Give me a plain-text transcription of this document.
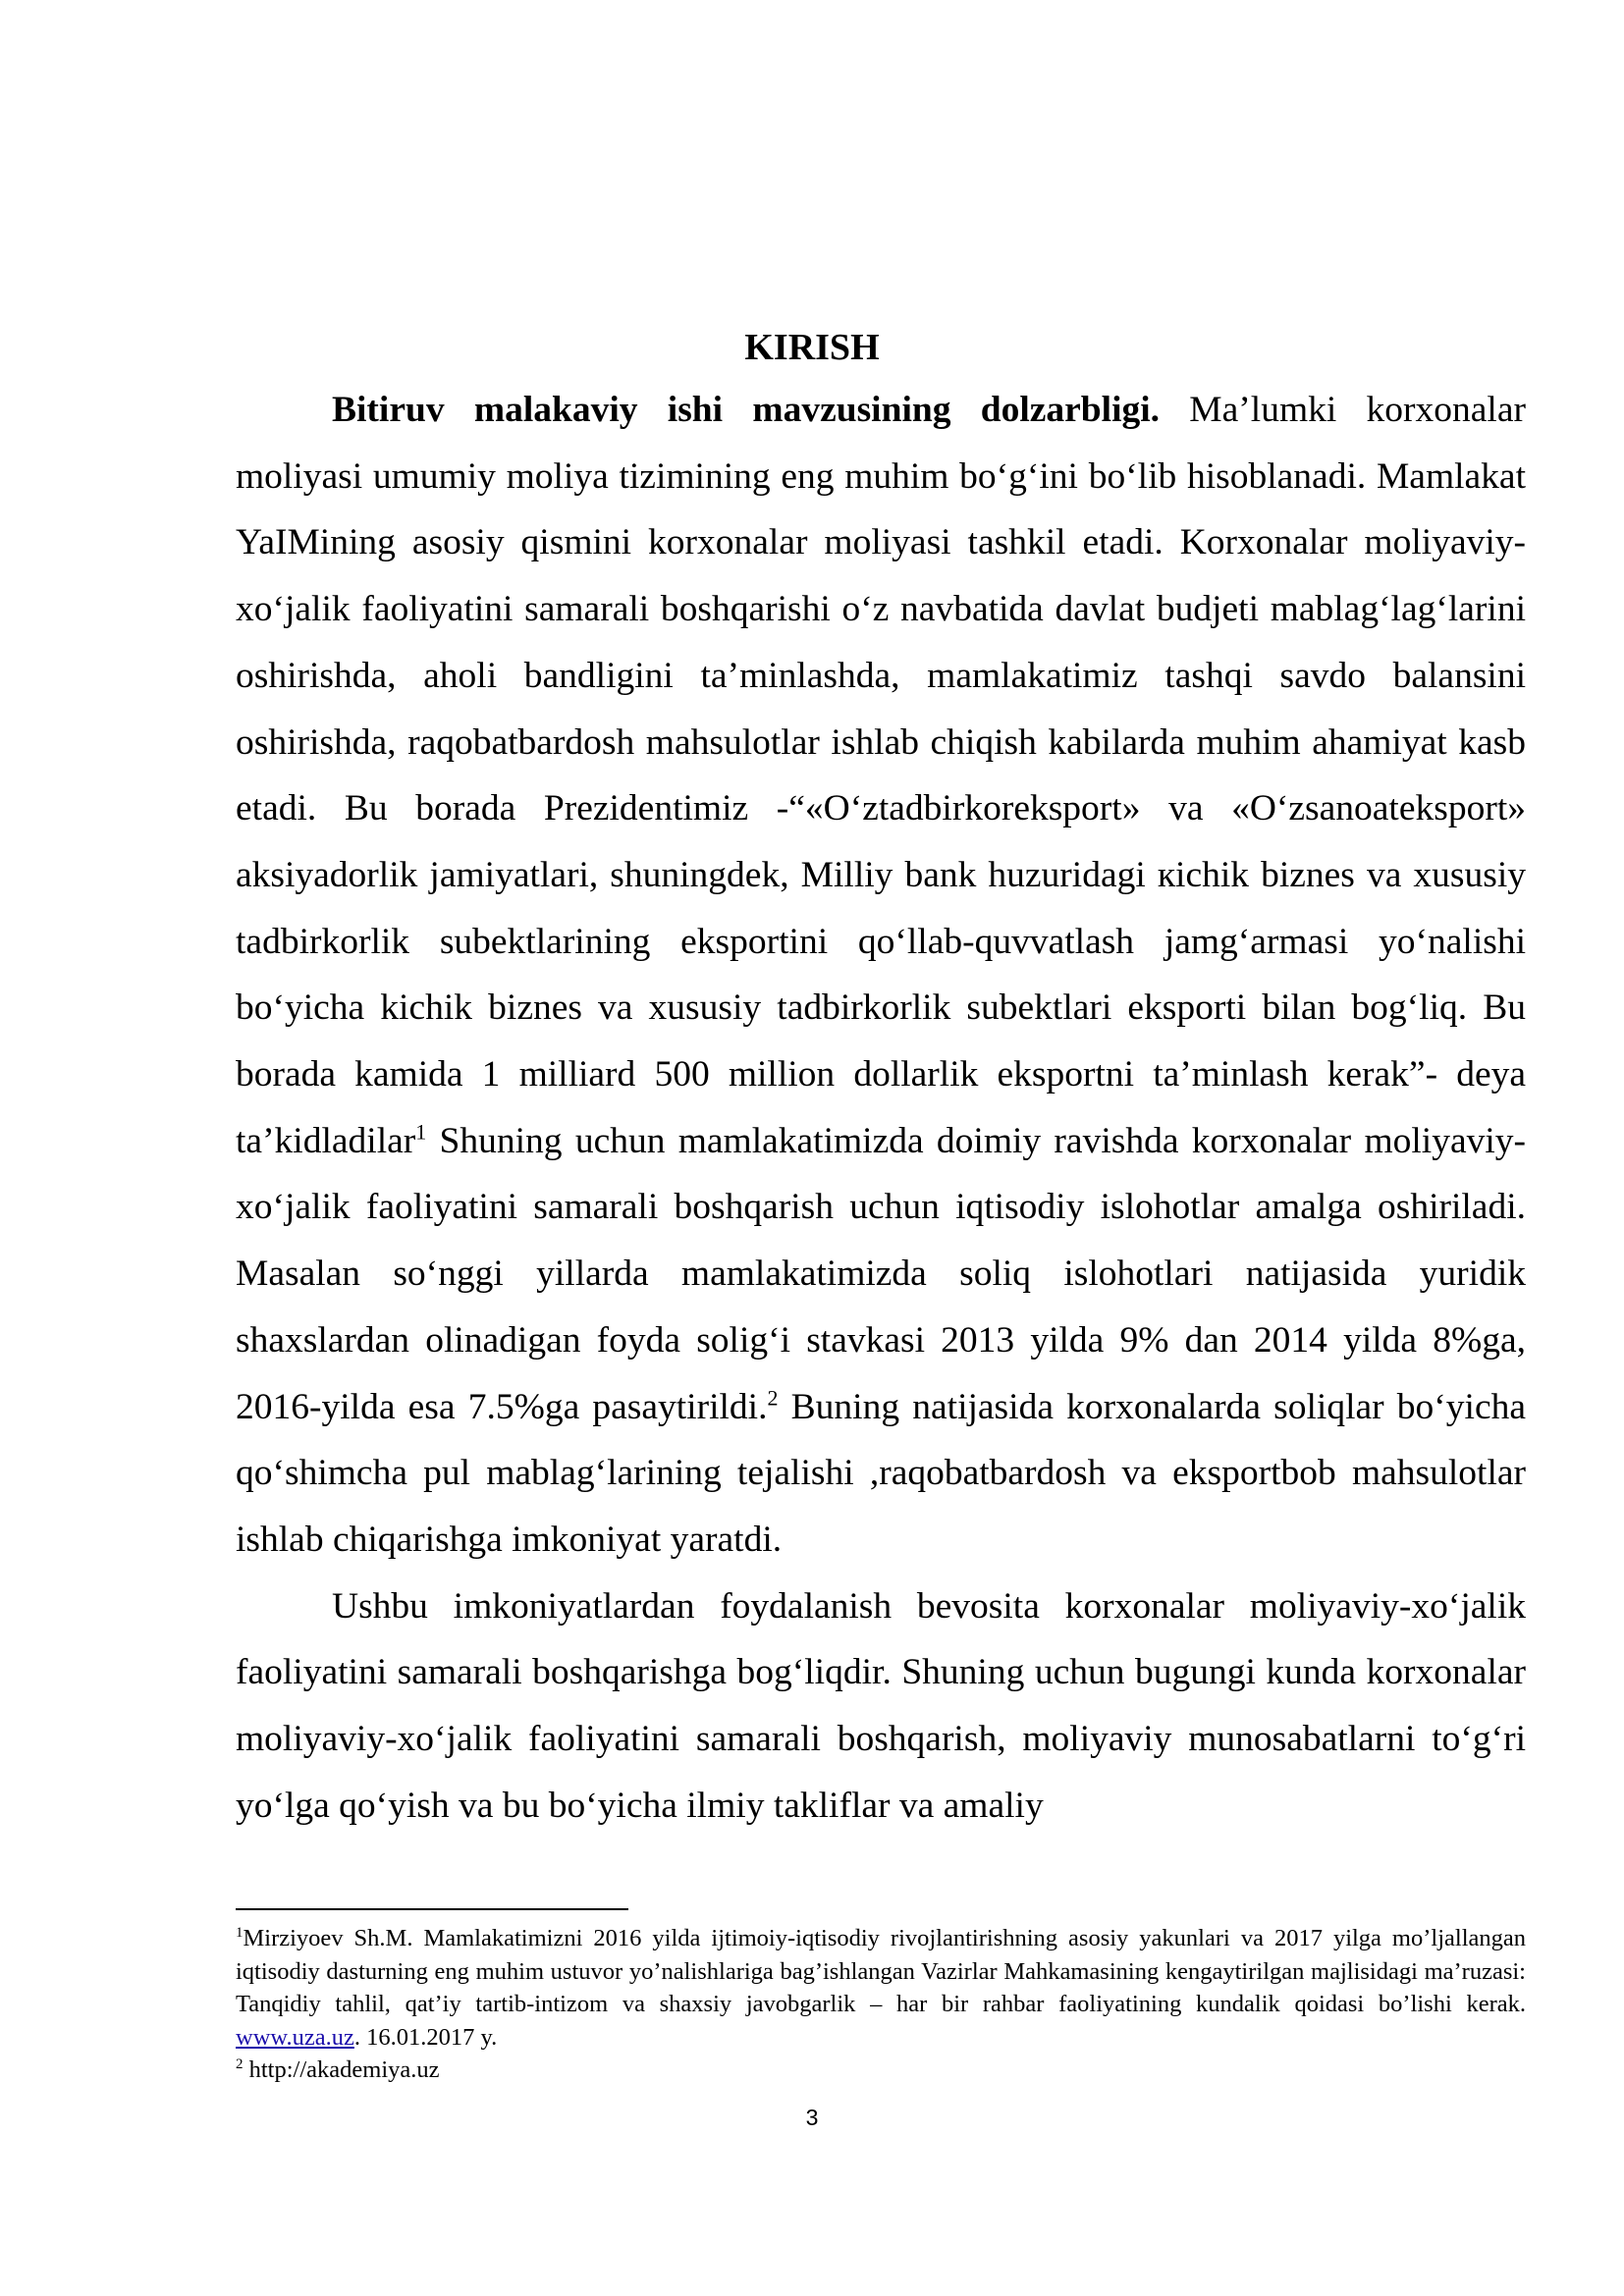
KIRISH

Bitiruv malakaviy ishi mavzusining dolzarbligi. Ma’lumki korxonalar moliyasi umumiy moliya tizimining eng muhim bo‘g‘ini bo‘lib hisoblanadi. Mamlakat YaIMining asosiy qismini korxonalar moliyasi tashkil etadi. Korxonalar moliyaviy-xo‘jalik faoliyatini samarali boshqarishi o‘z navbatida davlat budjeti mablag‘lag‘larini oshirishda, aholi bandligini ta’minlashda, mamlakatimiz tashqi savdo balansini oshirishda, raqobatbardosh mahsulotlar ishlab chiqish kabilarda muhim ahamiyat kasb etadi. Bu borada Prezidentimiz -“«O‘ztadbirkoreksport» va «O‘zsanoateksport» aksiyadorlik jamiyatlari, shuningdek, Milliy bank huzuridagi кichik biznes va xususiy tadbirkorlik subektlarining eksportini qo‘llab-quvvatlash jamg‘armasi yo‘nalishi bo‘yicha kichik biznes va xususiy tadbirkorlik subektlari eksporti bilan bog‘liq. Bu borada kamida 1 milliard 500 million dollarlik eksportni ta’minlash kerak”- deya ta’kidladilar$^1$ Shuning uchun mamlakatimizda doimiy ravishda korxonalar moliyaviy-xo‘jalik faoliyatini samarali boshqarish uchun iqtisodiy islohotlar amalga oshiriladi. Masalan so‘nggi yillarda mamlakatimizda soliq islohotlari natijasida yuridik shaxslardan olinadigan foyda solig‘i stavkasi 2013 yilda 9% dan 2014 yilda 8%ga, 2016-yilda esa 7.5%ga pasaytirildi.$^2$ Buning natijasida korxonalarda soliqlar bo‘yicha qo‘shimcha pul mablag‘larining tejalishi ,raqobatbardosh va eksportbob mahsulotlar ishlab chiqarishga imkoniyat yaratdi.

Ushbu imkoniyatlardan foydalanish bevosita korxonalar moliyaviy-xo‘jalik faoliyatini samarali boshqarishga bog‘liqdir. Shuning uchun bugungi kunda korxonalar moliyaviy-xo‘jalik faoliyatini samarali boshqarish, moliyaviy munosabatlarni to‘g‘ri yo‘lga qo‘yish va bu bo‘yicha ilmiy takliflar va amaliy

$^1$Mirziyoev Sh.M. Mamlakatimizni 2016 yilda ijtimoiy-iqtisodiy rivojlantirishning asosiy yakunlari va 2017 yilga mo’ljallangan iqtisodiy dasturning eng muhim ustuvor yo’nalishlariga bag’ishlangan Vazirlar Mahkamasining kengaytirilgan majlisidagi ma’ruzasi: Tanqidiy tahlil, qat’iy tartib-intizom va shaxsiy javobgarlik – har bir rahbar faoliyatining kundalik qoidasi bo’lishi kerak. www.uza.uz. 16.01.2017 y.

$^2$ http://akademiya.uz

3
